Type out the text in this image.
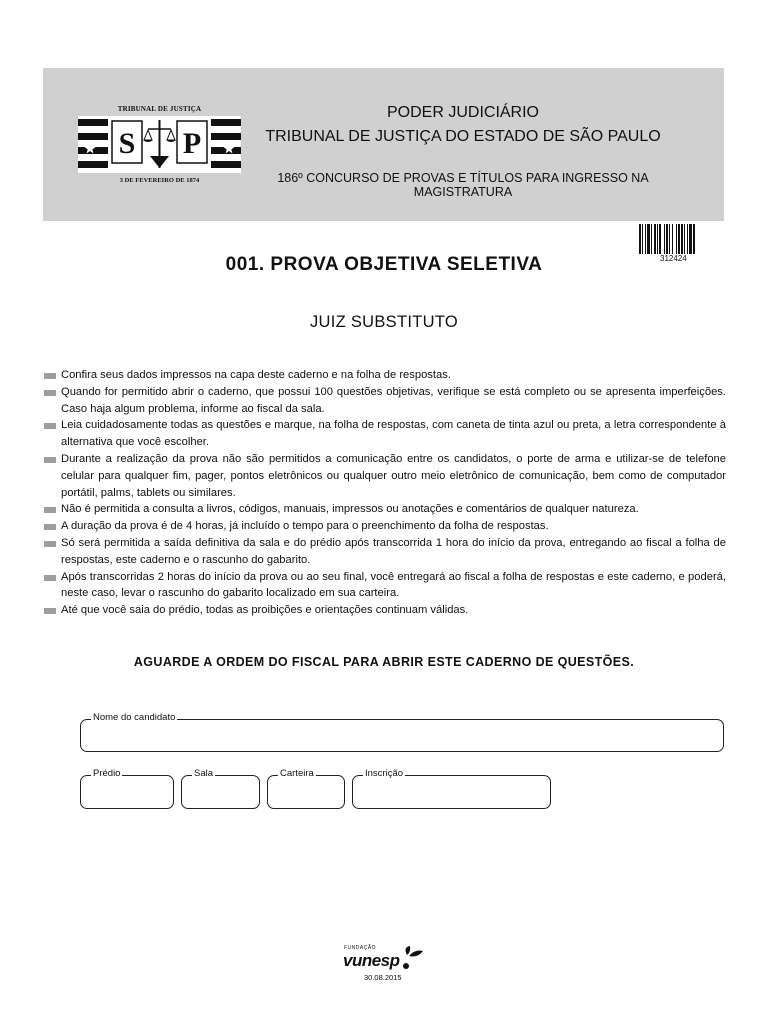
TRIBUNAL DE JUSTIÇA
S P
3 DE FEVEREIRO DE 1874
PODER JUDICIÁRIO
TRIBUNAL DE JUSTIÇA DO ESTADO DE SÃO PAULO
186º CONCURSO DE PROVAS E TÍTULOS PARA INGRESSO NA MAGISTRATURA
312424
001. PROVA OBJETIVA SELETIVA
JUIZ SUBSTITUTO
Confira seus dados impressos na capa deste caderno e na folha de respostas.
Quando for permitido abrir o caderno, que possui 100 questões objetivas, verifique se está completo ou se apresenta imperfeições. Caso haja algum problema, informe ao fiscal da sala.
Leia cuidadosamente todas as questões e marque, na folha de respostas, com caneta de tinta azul ou preta, a letra correspondente à alternativa que você escolher.
Durante a realização da prova não são permitidos a comunicação entre os candidatos, o porte de arma e utilizar-se de telefone celular para qualquer fim, pager, pontos eletrônicos ou qualquer outro meio eletrônico de comunicação, bem como de computador portátil, palms, tablets ou similares.
Não é permitida a consulta a livros, códigos, manuais, impressos ou anotações e comentários de qualquer natureza.
A duração da prova é de 4 horas, já incluído o tempo para o preenchimento da folha de respostas.
Só será permitida a saída definitiva da sala e do prédio após transcorrida 1 hora do início da prova, entregando ao fiscal a folha de respostas, este caderno e o rascunho do gabarito.
Após transcorridas 2 horas do início da prova ou ao seu final, você entregará ao fiscal a folha de respostas e este caderno, e poderá, neste caso, levar o rascunho do gabarito localizado em sua carteira.
Até que você saia do prédio, todas as proibições e orientações continuam válidas.
AGUARDE A ORDEM DO FISCAL PARA ABRIR ESTE CADERNO DE QUESTÕES.
Nome do candidato
Prédio	Sala	Carteira	Inscrição
FUNDAÇÃO
vunesp
30.08.2015
